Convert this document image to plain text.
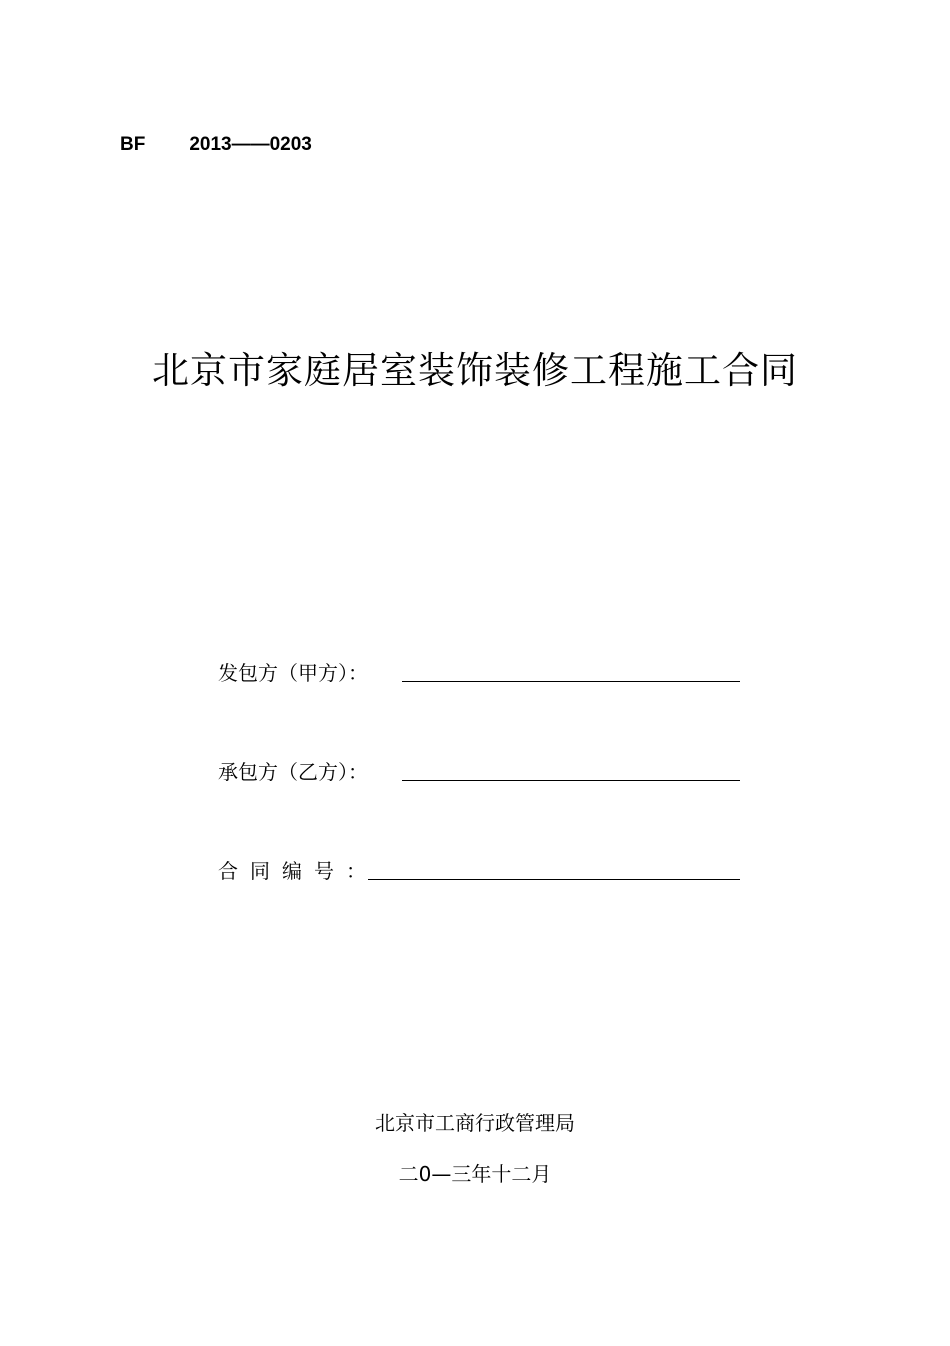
BF 2013——0203
北京市家庭居室装饰装修工程施工合同
发包方（甲方）：
承包方（乙方）：
合同编号：
北京市工商行政管理局
二0—三年十二月
